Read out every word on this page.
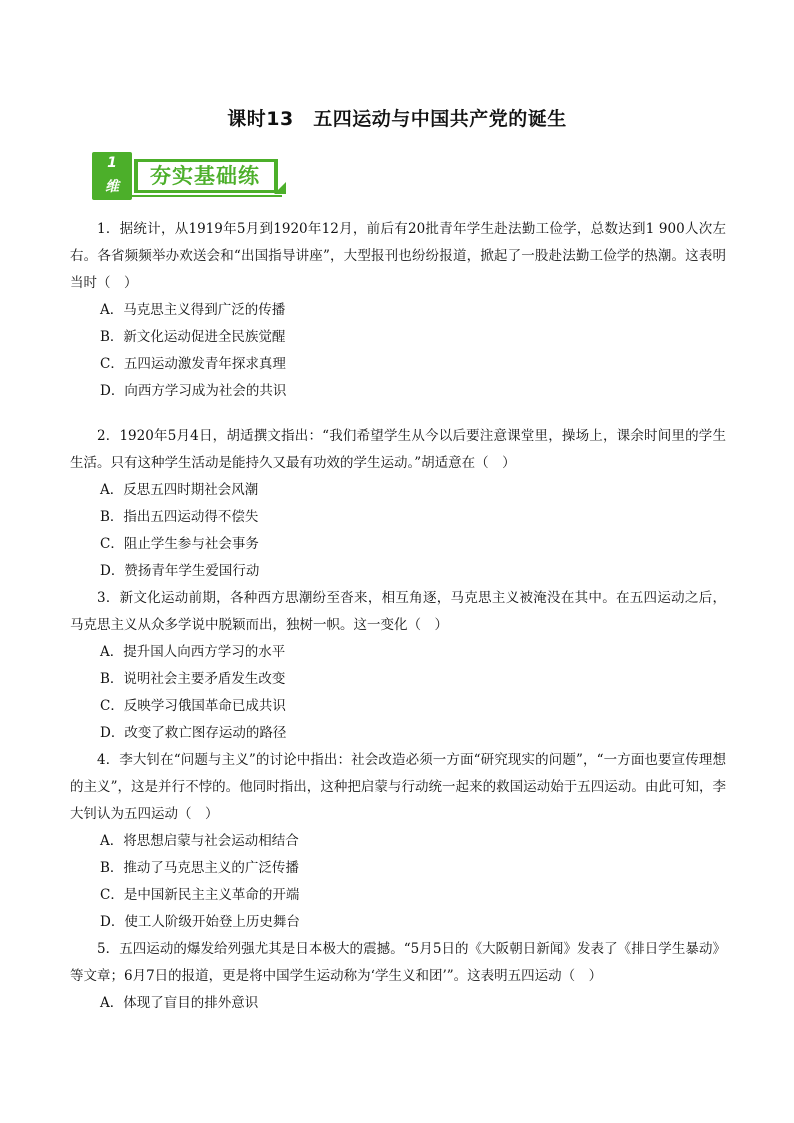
课时13　五四运动与中国共产党的诞生
1
维	夯实基础练

1．据统计，从1919年5月到1920年12月，前后有20批青年学生赴法勤工俭学，总数达到1 900人次左右。各省频频举办欢送会和“出国指导讲座”，大型报刊也纷纷报道，掀起了一股赴法勤工俭学的热潮。这表明当时（　）

A．马克思主义得到广泛的传播

B．新文化运动促进全民族觉醒

C．五四运动激发青年探求真理

D．向西方学习成为社会的共识

2．1920年5月4日，胡适撰文指出：“我们希望学生从今以后要注意课堂里，操场上，课余时间里的学生生活。只有这种学生活动是能持久又最有功效的学生运动。”胡适意在（　）

A．反思五四时期社会风潮

B．指出五四运动得不偿失

C．阻止学生参与社会事务

D．赞扬青年学生爱国行动

3．新文化运动前期，各种西方思潮纷至沓来，相互角逐，马克思主义被淹没在其中。在五四运动之后，马克思主义从众多学说中脱颖而出，独树一帜。这一变化（　）

A．提升国人向西方学习的水平

B．说明社会主要矛盾发生改变

C．反映学习俄国革命已成共识

D．改变了救亡图存运动的路径

4．李大钊在“问题与主义”的讨论中指出：社会改造必须一方面“研究现实的问题”，“一方面也要宣传理想的主义”，这是并行不悖的。他同时指出，这种把启蒙与行动统一起来的救国运动始于五四运动。由此可知，李大钊认为五四运动（　）

A．将思想启蒙与社会运动相结合

B．推动了马克思主义的广泛传播

C．是中国新民主主义革命的开端

D．使工人阶级开始登上历史舞台

5．五四运动的爆发给列强尤其是日本极大的震撼。“5月5日的《大阪朝日新闻》发表了《排日学生暴动》等文章；6月7日的报道，更是将中国学生运动称为‘学生义和团’”。这表明五四运动（　）

A．体现了盲目的排外意识
